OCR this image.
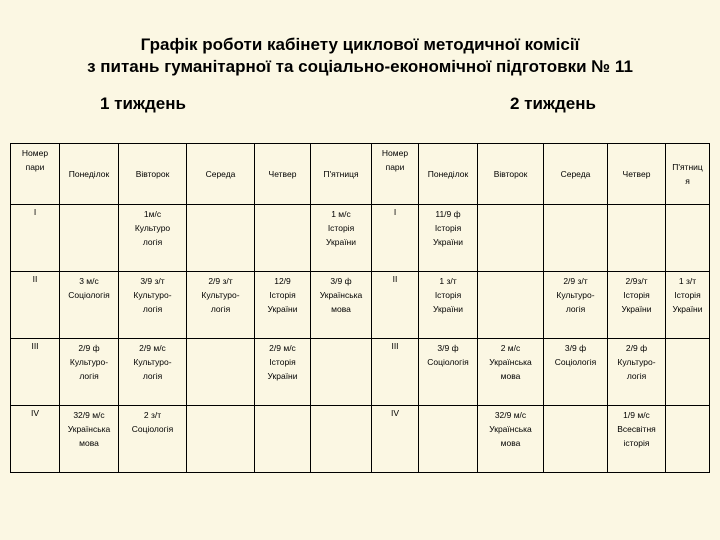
Графік роботи кабінету циклової методичної комісії
з питань гуманітарної та соціально-економічної підготовки № 11
1 тиждень	2 тиждень
Номер
пари	Понеділок	Вівторок	Середа	Четвер	П'ятниця	Номер
пари	Понеділок	Вівторок	Середа	Четвер	П'ятниц
я
I		1м/с
Культуро
логія			1 м/с
Історія
України	I	11/9 ф
Історія
України				
II	3 м/с
Соціологія	3/9 з/т
Культуро-
логія	2/9 з/т
Культуро-
логія	12/9
Історія
України	3/9 ф
Українська
мова	II	1 з/т
Історія
України		2/9 з/т
Культуро-
логія	2/9з/т
Історія
України	1 з/т
Історія
України
III	2/9 ф
Культуро-
логія	2/9 м/с
Культуро-
логія		2/9 м/с
Історія
України		III	3/9 ф
Соціологія	2 м/с
Українська
мова	3/9 ф
Соціологія	2/9 ф
Культуро-
логія	
IV	32/9 м/с
Українська
мова	2 з/т
Соціологія				IV		32/9 м/с
Українська
мова		1/9 м/с
Всесвітня
історія	
